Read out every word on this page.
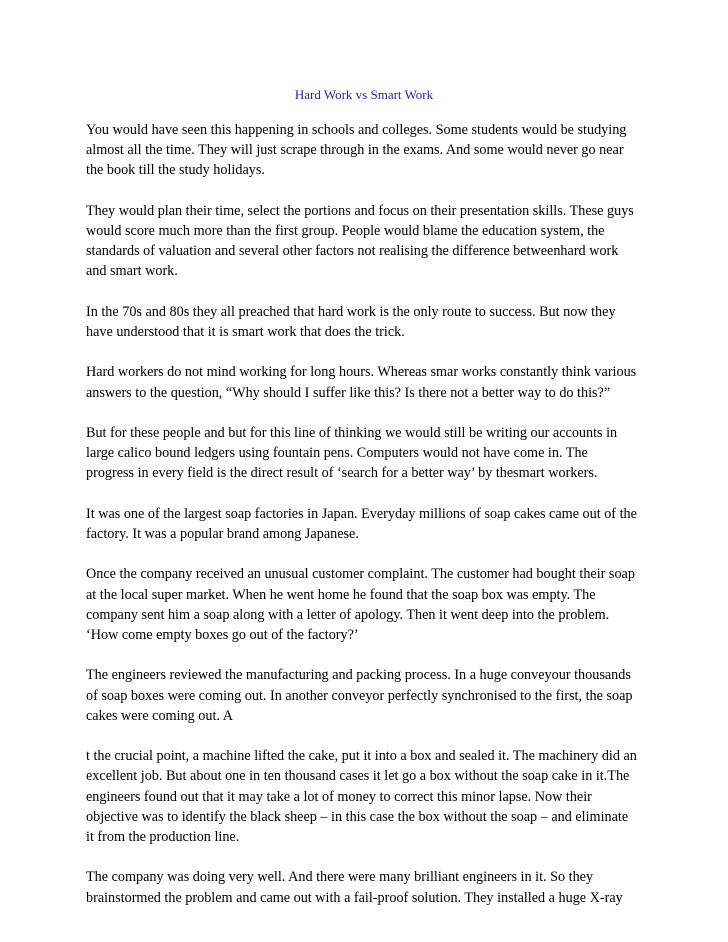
Hard Work vs Smart Work

You would have seen this happening in schools and colleges. Some students would be studying
almost all the time. They will just scrape through in the exams. And some would never go near
the book till the study holidays.

They would plan their time, select the portions and focus on their presentation skills. These guys
would score much more than the first group. People would blame the education system, the
standards of valuation and several other factors not realising the difference betweenhard work
and smart work.

In the 70s and 80s they all preached that hard work is the only route to success. But now they
have understood that it is smart work that does the trick.

Hard workers do not mind working for long hours. Whereas smar works constantly think various
answers to the question, “Why should I suffer like this? Is there not a better way to do this?”

But for these people and but for this line of thinking we would still be writing our accounts in
large calico bound ledgers using fountain pens. Computers would not have come in. The
progress in every field is the direct result of ‘search for a better way’ by thesmart workers.

It was one of the largest soap factories in Japan. Everyday millions of soap cakes came out of the
factory. It was a popular brand among Japanese.

Once the company received an unusual customer complaint. The customer had bought their soap
at the local super market. When he went home he found that the soap box was empty. The
company sent him a soap along with a letter of apology. Then it went deep into the problem.
‘How come empty boxes go out of the factory?’

The engineers reviewed the manufacturing and packing process. In a huge conveyour thousands
of soap boxes were coming out. In another conveyor perfectly synchronised to the first, the soap
cakes were coming out. A

t the crucial point, a machine lifted the cake, put it into a box and sealed it. The machinery did an
excellent job. But about one in ten thousand cases it let go a box without the soap cake in it.The
engineers found out that it may take a lot of money to correct this minor lapse. Now their
objective was to identify the black sheep – in this case the box without the soap – and eliminate
it from the production line.

The company was doing very well. And there were many brilliant engineers in it. So they
brainstormed the problem and came out with a fail-proof solution. They installed a huge X-ray
